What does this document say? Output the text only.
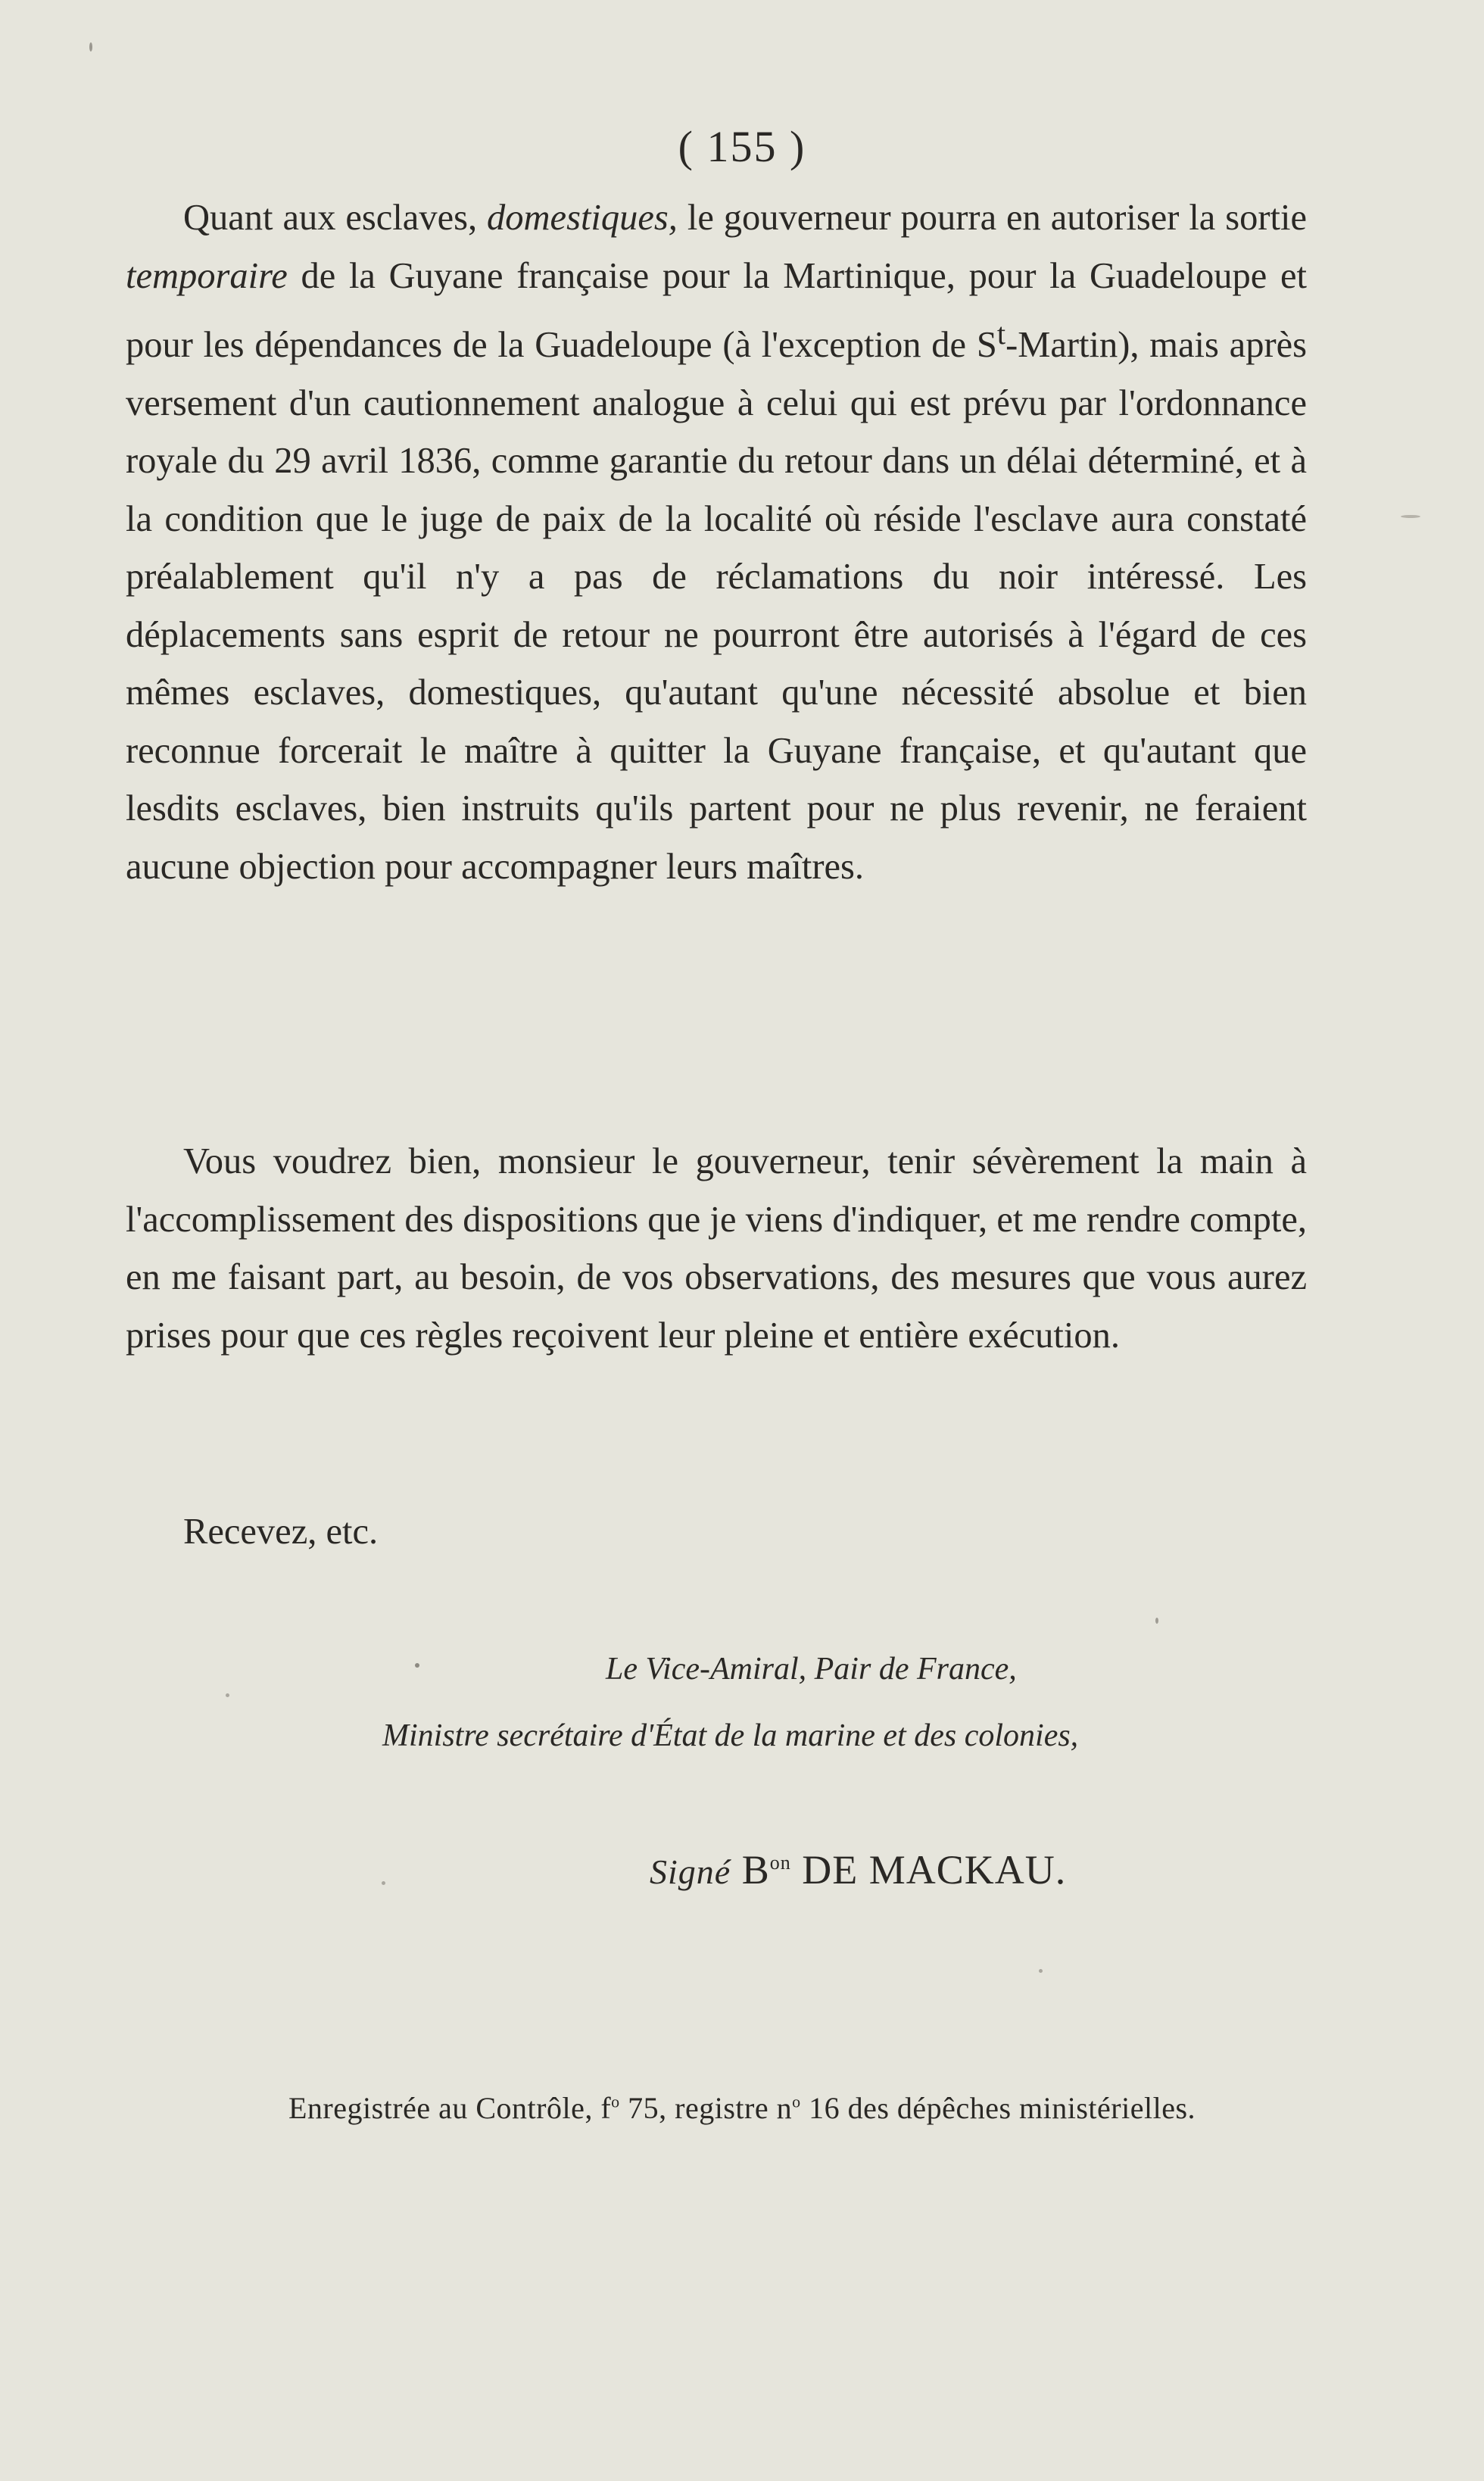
( 155 )

Quant aux esclaves, domestiques, le gouverneur pourra en autoriser la sortie temporaire de la Guyane française pour la Martinique, pour la Guadeloupe et pour les dépendances de la Guadeloupe (à l'exception de $S^t-Martin$), mais après versement d'un cautionnement analogue à celui qui est prévu par l'ordonnance royale du 29 avril 1836, comme garantie du retour dans un délai déterminé, et à la condition que le juge de paix de la localité où réside l'esclave aura constaté préalablement qu'il n'y a pas de réclamations du noir intéressé. Les déplacements sans esprit de retour ne pourront être autorisés à l'égard de ces mêmes esclaves, domestiques, qu'autant qu'une nécessité absolue et bien reconnue forcerait le maître à quitter la Guyane française, et qu'autant que lesdits esclaves, bien instruits qu'ils partent pour ne plus revenir, ne feraient aucune objection pour accompagner leurs maîtres.

Vous voudrez bien, monsieur le gouverneur, tenir sévèrement la main à l'accomplissement des dispositions que je viens d'indiquer, et me rendre compte, en me faisant part, au besoin, de vos observations, des mesures que vous aurez prises pour que ces règles reçoivent leur pleine et entière exécution.

Recevez, etc.

Le Vice-Amiral, Pair de France,
Ministre secrétaire d'État de la marine et des colonies,
Signé $B^{on}$ DE MACKAU.
Enregistrée au Contrôle, $f^o$ 75, registre $n^o$ 16 des dépêches ministérielles.
